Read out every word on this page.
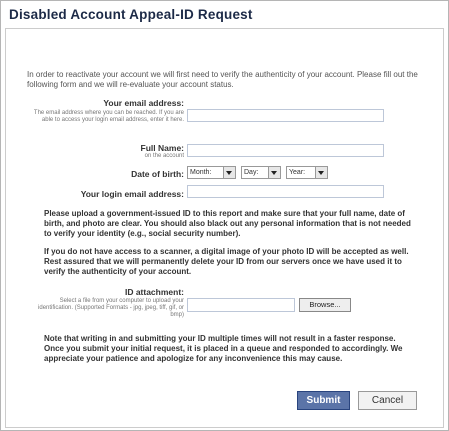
Disabled Account Appeal-ID Request
In order to reactivate your account we will first need to verify the authenticity of your account. Please fill out the following form and we will re-evaluate your account status.
Your email address:
The email address where you can be reached. If you are able to access your login email address, enter it here.
Full Name:
on the account
Date of birth: Month:	Day:	Year:
Your login email address:
Please upload a government-issued ID to this report and make sure that your full name, date of birth, and photo are clear. You should also black out any personal information that is not needed to verify your identity (e.g., social security number).
If you do not have access to a scanner, a digital image of your photo ID will be accepted as well. Rest assured that we will permanently delete your ID from our servers once we have used it to verify the authenticity of your account.
ID attachment:
Select a file from your computer to upload your identification. (Supported Formats - jpg, jpeg, tiff, gif, or bmp)
Browse...
Note that writing in and submitting your ID multiple times will not result in a faster response. Once you submit your initial request, it is placed in a queue and responded to accordingly. We appreciate your patience and apologize for any inconvenience this may cause.
Submit	Cancel
